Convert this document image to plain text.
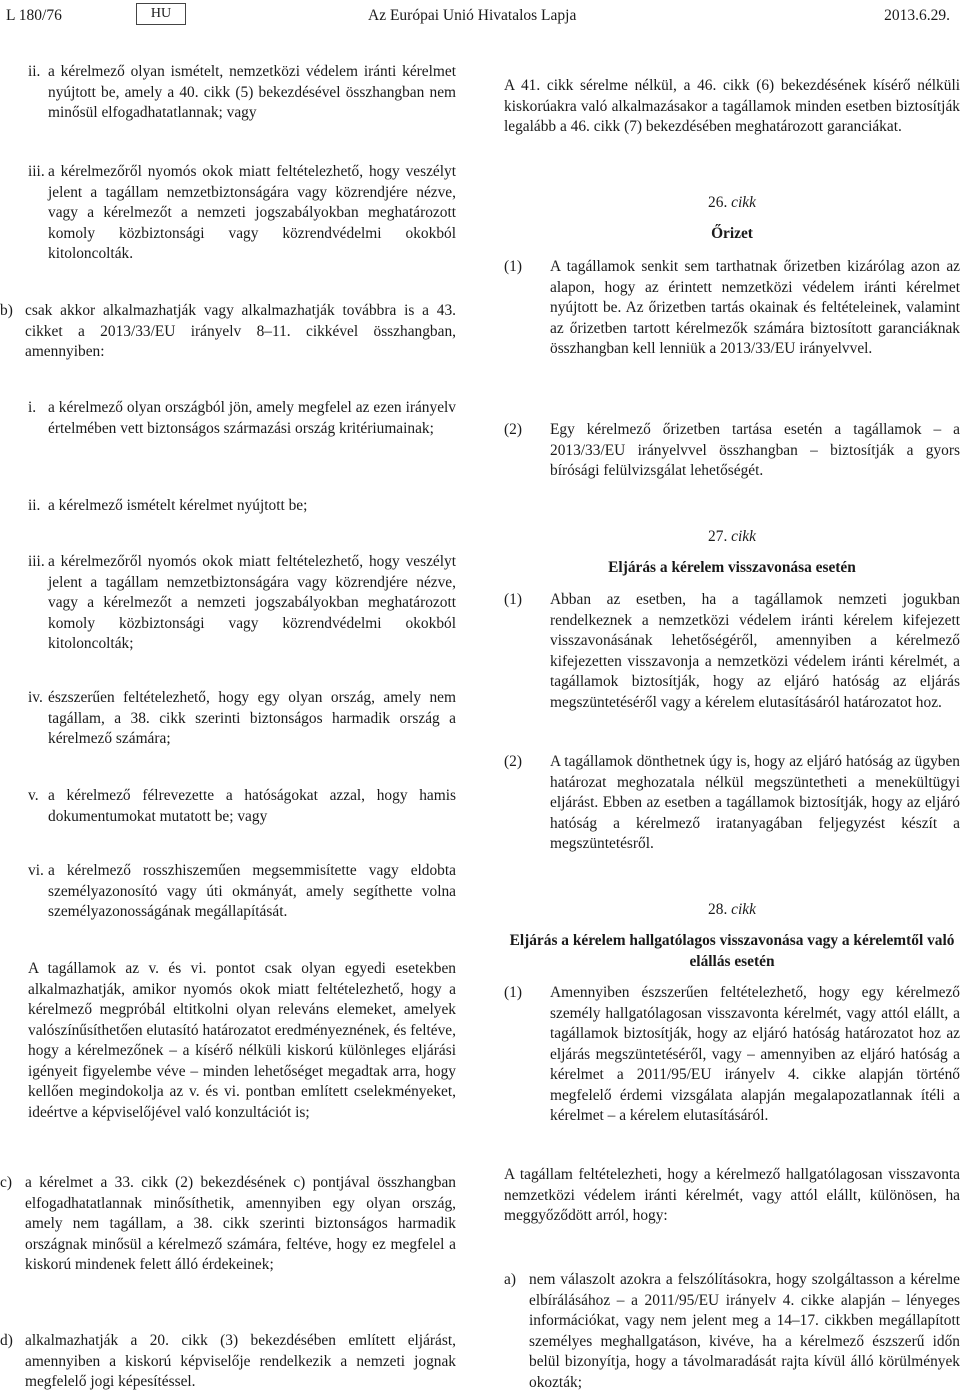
L 180/76	HU	Az Európai Unió Hivatalos Lapja	2013.6.29.
ii. a kérelmező olyan ismételt, nemzetközi védelem iránti kérelmet nyújtott be, amely a 40. cikk (5) bekezdésével összhangban nem minősül elfogadhatatlannak; vagy
iii. a kérelmezőről nyomós okok miatt feltételezhető, hogy veszélyt jelent a tagállam nemzetbiztonságára vagy közrendjére nézve, vagy a kérelmezőt a nemzeti jogszabályokban meghatározott komoly közbiztonsági vagy közrendvédelmi okokból kitoloncolták.
b) csak akkor alkalmazhatják vagy alkalmazhatják továbbra is a 43. cikket a 2013/33/EU irányelv 8–11. cikkével összhangban, amennyiben:
i. a kérelmező olyan országból jön, amely megfelel az ezen irányelv értelmében vett biztonságos származási ország kritériumainak;
ii. a kérelmező ismételt kérelmet nyújtott be;
iii. a kérelmezőről nyomós okok miatt feltételezhető, hogy veszélyt jelent a tagállam nemzetbiztonságára vagy közrendjére nézve, vagy a kérelmezőt a nemzeti jogszabályokban meghatározott komoly közbiztonsági vagy közrendvédelmi okokból kitoloncolták;
iv. észszerűen feltételezhető, hogy egy olyan ország, amely nem tagállam, a 38. cikk szerinti biztonságos harmadik ország a kérelmező számára;
v. a kérelmező félrevezette a hatóságokat azzal, hogy hamis dokumentumokat mutatott be; vagy
vi. a kérelmező rosszhiszeműen megsemmisítette vagy eldobta személyazonosító vagy úti okmányát, amely segíthette volna személyazonosságának megállapítását.

A tagállamok az v. és vi. pontot csak olyan egyedi esetekben alkalmazhatják, amikor nyomós okok miatt feltételezhető, hogy a kérelmező megpróbál eltitkolni olyan releváns elemeket, amelyek valószínűsíthetően elutasító határozatot eredményeznének, és feltéve, hogy a kérelmezőnek – a kísérő nélküli kiskorú különleges eljárási igényeit figyelembe véve – minden lehetőséget megadtak arra, hogy kellően megindokolja az v. és vi. pontban említett cselekményeket, ideértve a képviselőjével való konzultációt is;

c) a kérelmet a 33. cikk (2) bekezdésének c) pontjával összhangban elfogadhatatlannak minősíthetik, amennyiben egy olyan ország, amely nem tagállam, a 38. cikk szerinti biztonságos harmadik országnak minősül a kérelmező számára, feltéve, hogy ez megfelel a kiskorú mindenek felett álló érdekeinek;
d) alkalmazhatják a 20. cikk (3) bekezdésében említett eljárást, amennyiben a kiskorú képviselője rendelkezik a nemzeti jognak megfelelő jogi képesítéssel.

A 41. cikk sérelme nélkül, a 46. cikk (6) bekezdésének kísérő nélküli kiskorúakra való alkalmazásakor a tagállamok minden esetben biztosítják legalább a 46. cikk (7) bekezdésében meghatározott garanciákat.

26. cikk
Őrizet
(1)	A tagállamok senkit sem tarthatnak őrizetben kizárólag azon az alapon, hogy az érintett nemzetközi védelem iránti kérelmet nyújtott be. Az őrizetben tartás okainak és feltételeinek, valamint az őrizetben tartott kérelmezők számára biztosított garanciáknak összhangban kell lenniük a 2013/33/EU irányelvvel.
(2)	Egy kérelmező őrizetben tartása esetén a tagállamok – a 2013/33/EU irányelvvel összhangban – biztosítják a gyors bírósági felülvizsgálat lehetőségét.
27. cikk
Eljárás a kérelem visszavonása esetén
(1)	Abban az esetben, ha a tagállamok nemzeti jogukban rendelkeznek a nemzetközi védelem iránti kérelem kifejezett visszavonásának lehetőségéről, amennyiben a kérelmező kifejezetten visszavonja a nemzetközi védelem iránti kérelmét, a tagállamok biztosítják, hogy az eljáró hatóság az eljárás megszüntetéséről vagy a kérelem elutasításáról határozatot hoz.
(2)	A tagállamok dönthetnek úgy is, hogy az eljáró hatóság az ügyben határozat meghozatala nélkül megszüntetheti a menekültügyi eljárást. Ebben az esetben a tagállamok biztosítják, hogy az eljáró hatóság a kérelmező iratanyagában feljegyzést készít a megszüntetésről.
28. cikk
Eljárás a kérelem hallgatólagos visszavonása vagy a kérelemtől való elállás esetén
(1)	Amennyiben észszerűen feltételezhető, hogy egy kérelmező személy hallgatólagosan visszavonta kérelmét, vagy attól elállt, a tagállamok biztosítják, hogy az eljáró hatóság határozatot hoz az eljárás megszüntetéséről, vagy – amennyiben az eljáró hatóság a kérelmet a 2011/95/EU irányelv 4. cikke alapján történő megfelelő érdemi vizsgálata alapján megalapozatlannak ítéli a kérelmet – a kérelem elutasításáról.

A tagállam feltételezheti, hogy a kérelmező hallgatólagosan visszavonta nemzetközi védelem iránti kérelmét, vagy attól elállt, különösen, ha meggyőződött arról, hogy:

a) nem válaszolt azokra a felszólításokra, hogy szolgáltasson a kérelme elbírálásához – a 2011/95/EU irányelv 4. cikke alapján – lényeges információkat, vagy nem jelent meg a 14–17. cikkben megállapított személyes meghallgatáson, kivéve, ha a kérelmező észszerű időn belül bizonyítja, hogy a távolmaradását rajta kívül álló körülmények okozták;
